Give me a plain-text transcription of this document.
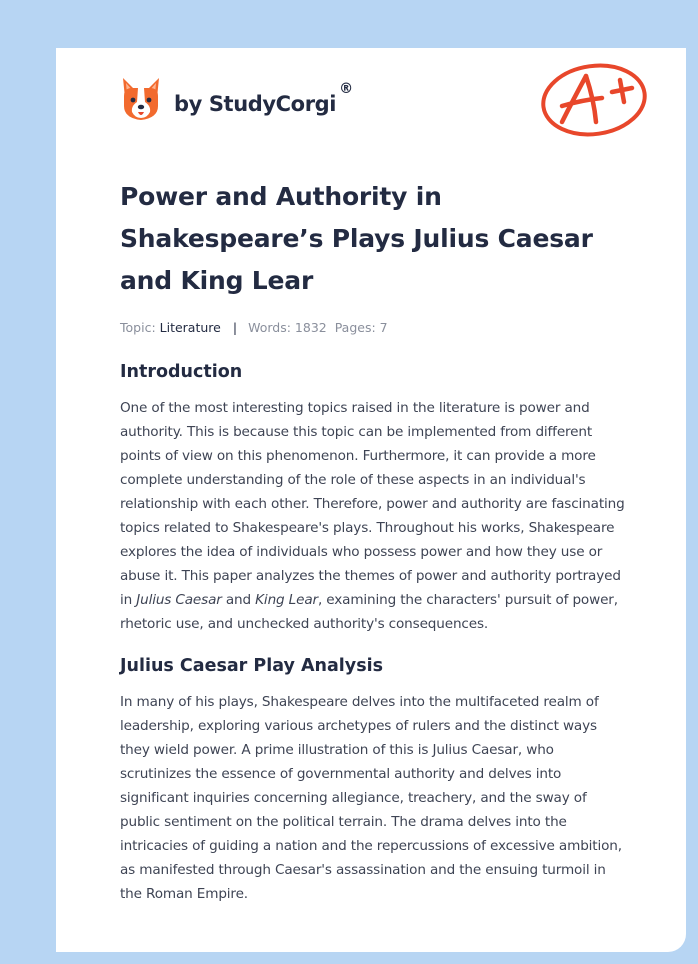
by StudyCorgi
®
Power and Authority in Shakespeare’s Plays Julius Caesar and King Lear
Topic:
Literature | Words:
1832
Pages:
7
Introduction

One of the most interesting topics raised in the literature is power and authority. This is because this topic can be implemented from different points of view on this phenomenon. Furthermore, it can provide a more complete understanding of the role of these aspects in an individual's relationship with each other. Therefore, power and authority are fascinating topics related to Shakespeare's plays. Throughout his works, Shakespeare explores the idea of individuals who possess power and how they use or abuse it. This paper analyzes the themes of power and authority portrayed in Julius Caesar and King Lear, examining the characters' pursuit of power, rhetoric use, and unchecked authority's consequences.

Julius Caesar Play Analysis

In many of his plays, Shakespeare delves into the multifaceted realm of leadership, exploring various archetypes of rulers and the distinct ways they wield power. A prime illustration of this is Julius Caesar, who scrutinizes the essence of governmental authority and delves into significant inquiries concerning allegiance, treachery, and the sway of public sentiment on the political terrain. The drama delves into the intricacies of guiding a nation and the repercussions of excessive ambition, as manifested through Caesar's assassination and the ensuing turmoil in the Roman Empire.
